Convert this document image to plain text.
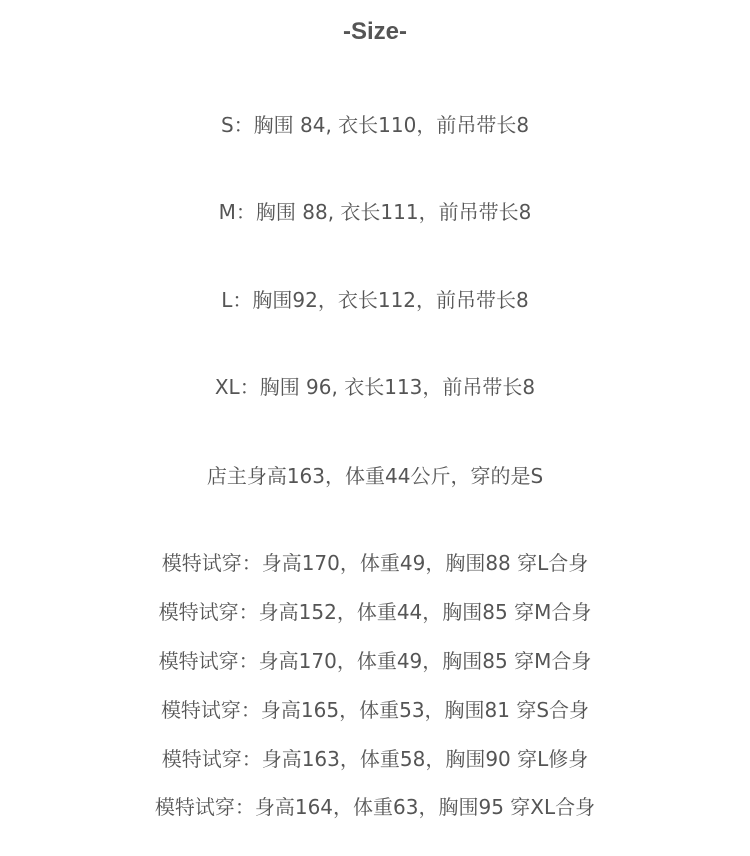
-Size-
S：胸围 84, 衣长110，前吊带长8
M：胸围 88, 衣长111，前吊带长8
L：胸围92，衣长112，前吊带长8
XL：胸围 96, 衣长113，前吊带长8
店主身高163，体重44公斤，穿的是S
模特试穿：身高170，体重49，胸围88 穿L合身
模特试穿：身高152，体重44，胸围85 穿M合身
模特试穿：身高170，体重49，胸围85 穿M合身
模特试穿：身高165，体重53，胸围81 穿S合身
模特试穿：身高163，体重58，胸围90 穿L修身
模特试穿：身高164，体重63，胸围95 穿XL合身
